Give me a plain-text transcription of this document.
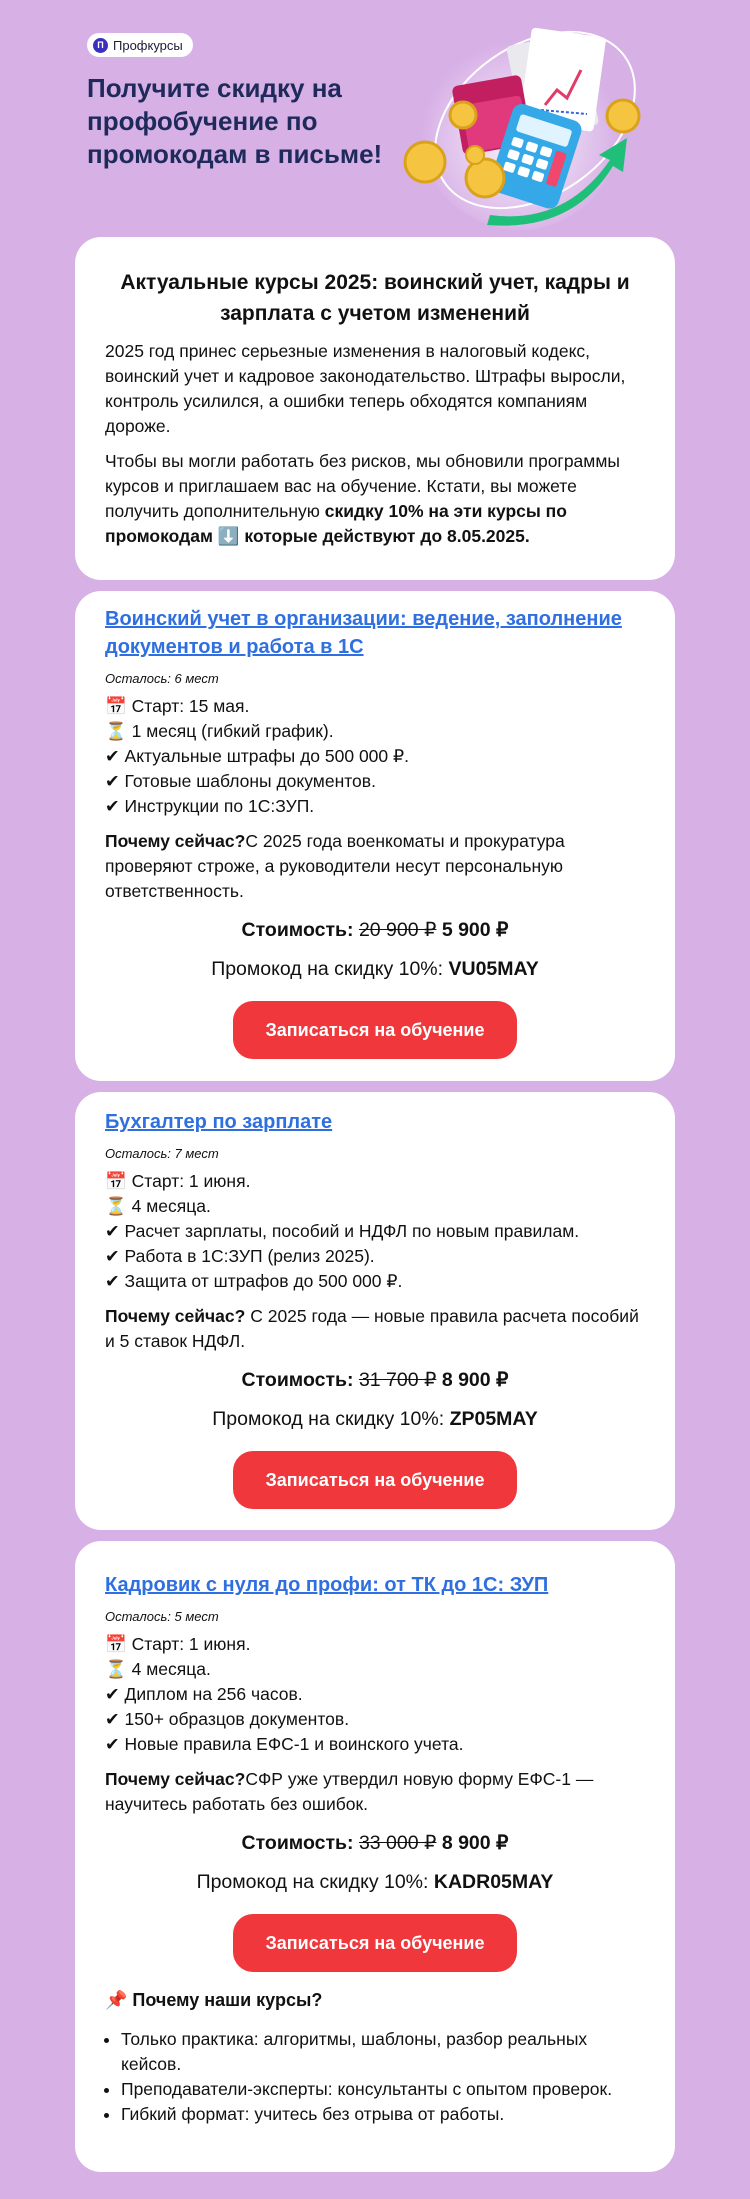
П Профкурсы
Получите скидку на профобучение по промокодам в письме!
Актуальные курсы 2025: воинский учет, кадры и зарплата с учетом изменений

2025 год принес серьезные изменения в налоговый кодекс, воинский учет и кадровое законодательство. Штрафы выросли, контроль усилился, а ошибки теперь обходятся компаниям дороже.

Чтобы вы могли работать без рисков, мы обновили программы курсов и приглашаем вас на обучение. Кстати, вы можете получить дополнительную скидку 10% на эти курсы по промокодам ⬇️ которые действуют до 8.05.2025.

Воинский учет в организации: ведение, заполнение документов и работа в 1С

Осталось: 6 мест

📅 Старт: 15 мая.

⏳ 1 месяц (гибкий график).

✔ Актуальные штрафы до 500 000 ₽.

✔ Готовые шаблоны документов.

✔ Инструкции по 1С:ЗУП.

Почему сейчас?С 2025 года военкоматы и прокуратура проверяют строже, а руководители несут персональную ответственность.

Стоимость: 20 900 ₽ 5 900 ₽

Промокод на скидку 10%: VU05MAY

Записаться на обучение
Бухгалтер по зарплате

Осталось: 7 мест

📅 Старт: 1 июня.

⏳ 4 месяца.

✔ Расчет зарплаты, пособий и НДФЛ по новым правилам.

✔ Работа в 1С:ЗУП (релиз 2025).

✔ Защита от штрафов до 500 000 ₽.

Почему сейчас? С 2025 года — новые правила расчета пособий и 5 ставок НДФЛ.

Стоимость: 31 700 ₽ 8 900 ₽

Промокод на скидку 10%: ZP05MAY

Записаться на обучение
Кадровик с нуля до профи: от ТК до 1С: ЗУП

Осталось: 5 мест

📅 Старт: 1 июня.

⏳ 4 месяца.

✔ Диплом на 256 часов.

✔ 150+ образцов документов.

✔ Новые правила ЕФС-1 и воинского учета.

Почему сейчас?СФР уже утвердил новую форму ЕФС-1 — научитесь работать без ошибок.

Стоимость: 33 000 ₽ 8 900 ₽

Промокод на скидку 10%: KADR05MAY

Записаться на обучение
📌 Почему наши курсы?
• Только практика: алгоритмы, шаблоны, разбор реальных кейсов.
• Преподаватели-эксперты: консультанты с опытом проверок.
• Гибкий формат: учитесь без отрыва от работы.
